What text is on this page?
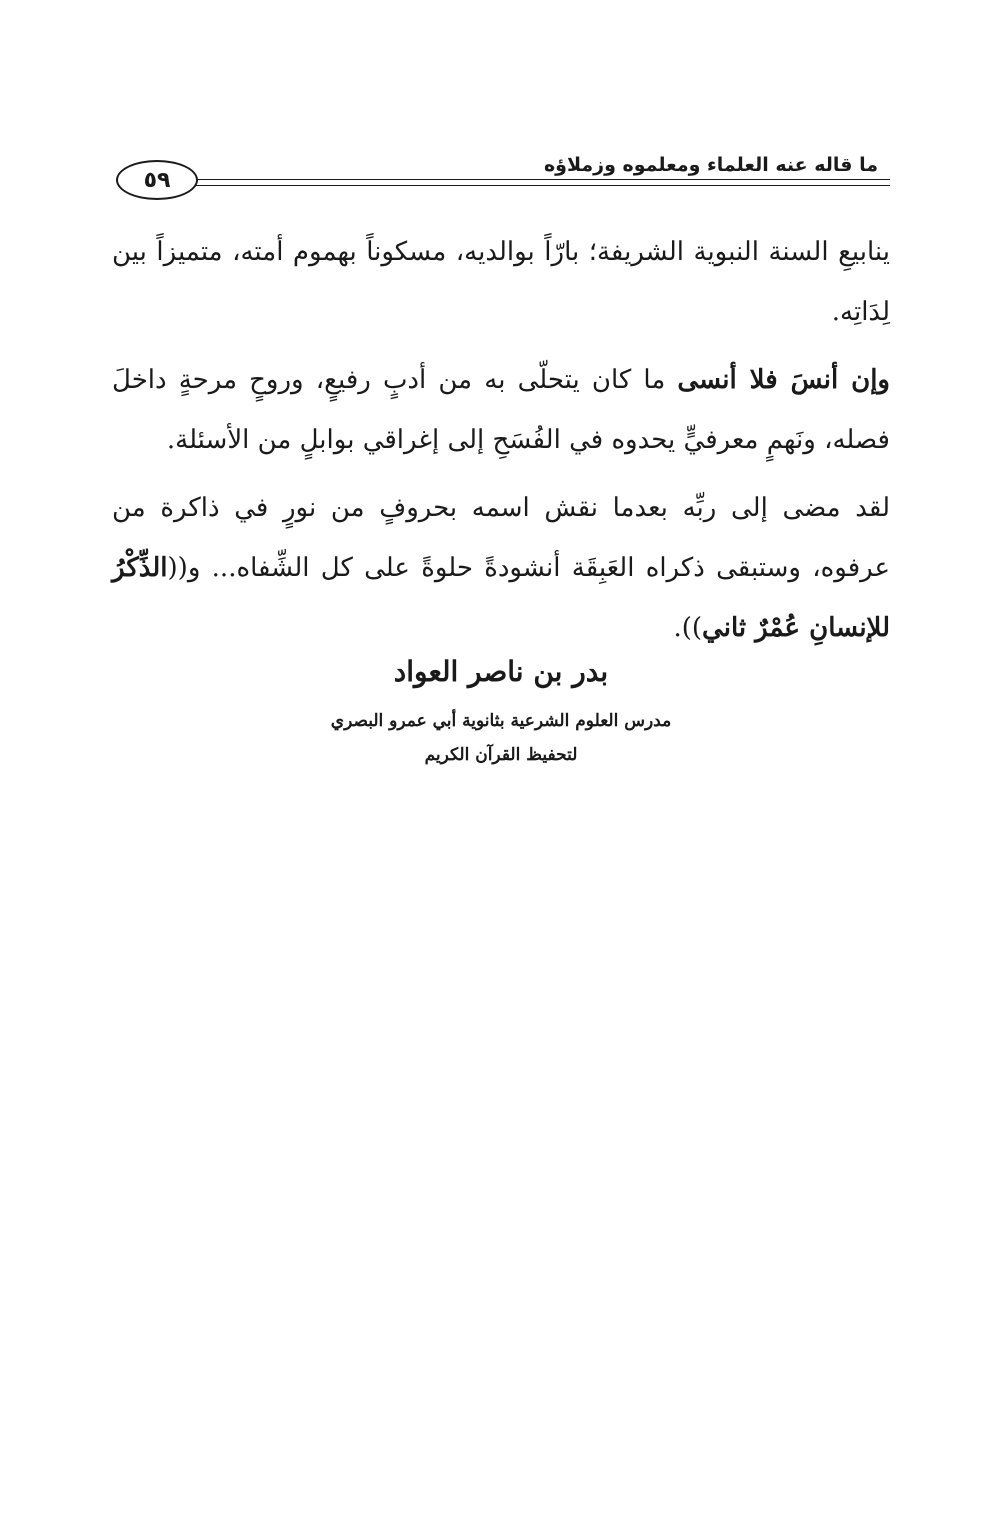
ما قاله عنه العلماء ومعلموه وزملاؤه
٥٩

ينابيعِ السنة النبوية الشريفة؛ بارّاً بوالديه، مسكوناً بهموم أمته، متميزاً بين لِدَاتِه.

وإن أنسَ فلا أنسى ما كان يتحلّى به من أدبٍ رفيعٍ، وروحٍ مرحةٍ داخلَ فصله، ونَهمٍ معرفيٍّ يحدوه في الفُسَحِ إلى إغراقي بوابلٍ من الأسئلة.

لقد مضى إلى ربِّه بعدما نقش اسمه بحروفٍ من نورٍ في ذاكرة من عرفوه، وستبقى ذكراه العَبِقَة أنشودةً حلوةً على كل الشِّفاه... و((الذِّكْرُ للإنسانِ عُمْرٌ ثاني)).

بدر بن ناصر العواد

مدرس العلوم الشرعية بثانوية أبي عمرو البصري

لتحفيظ القرآن الكريم
